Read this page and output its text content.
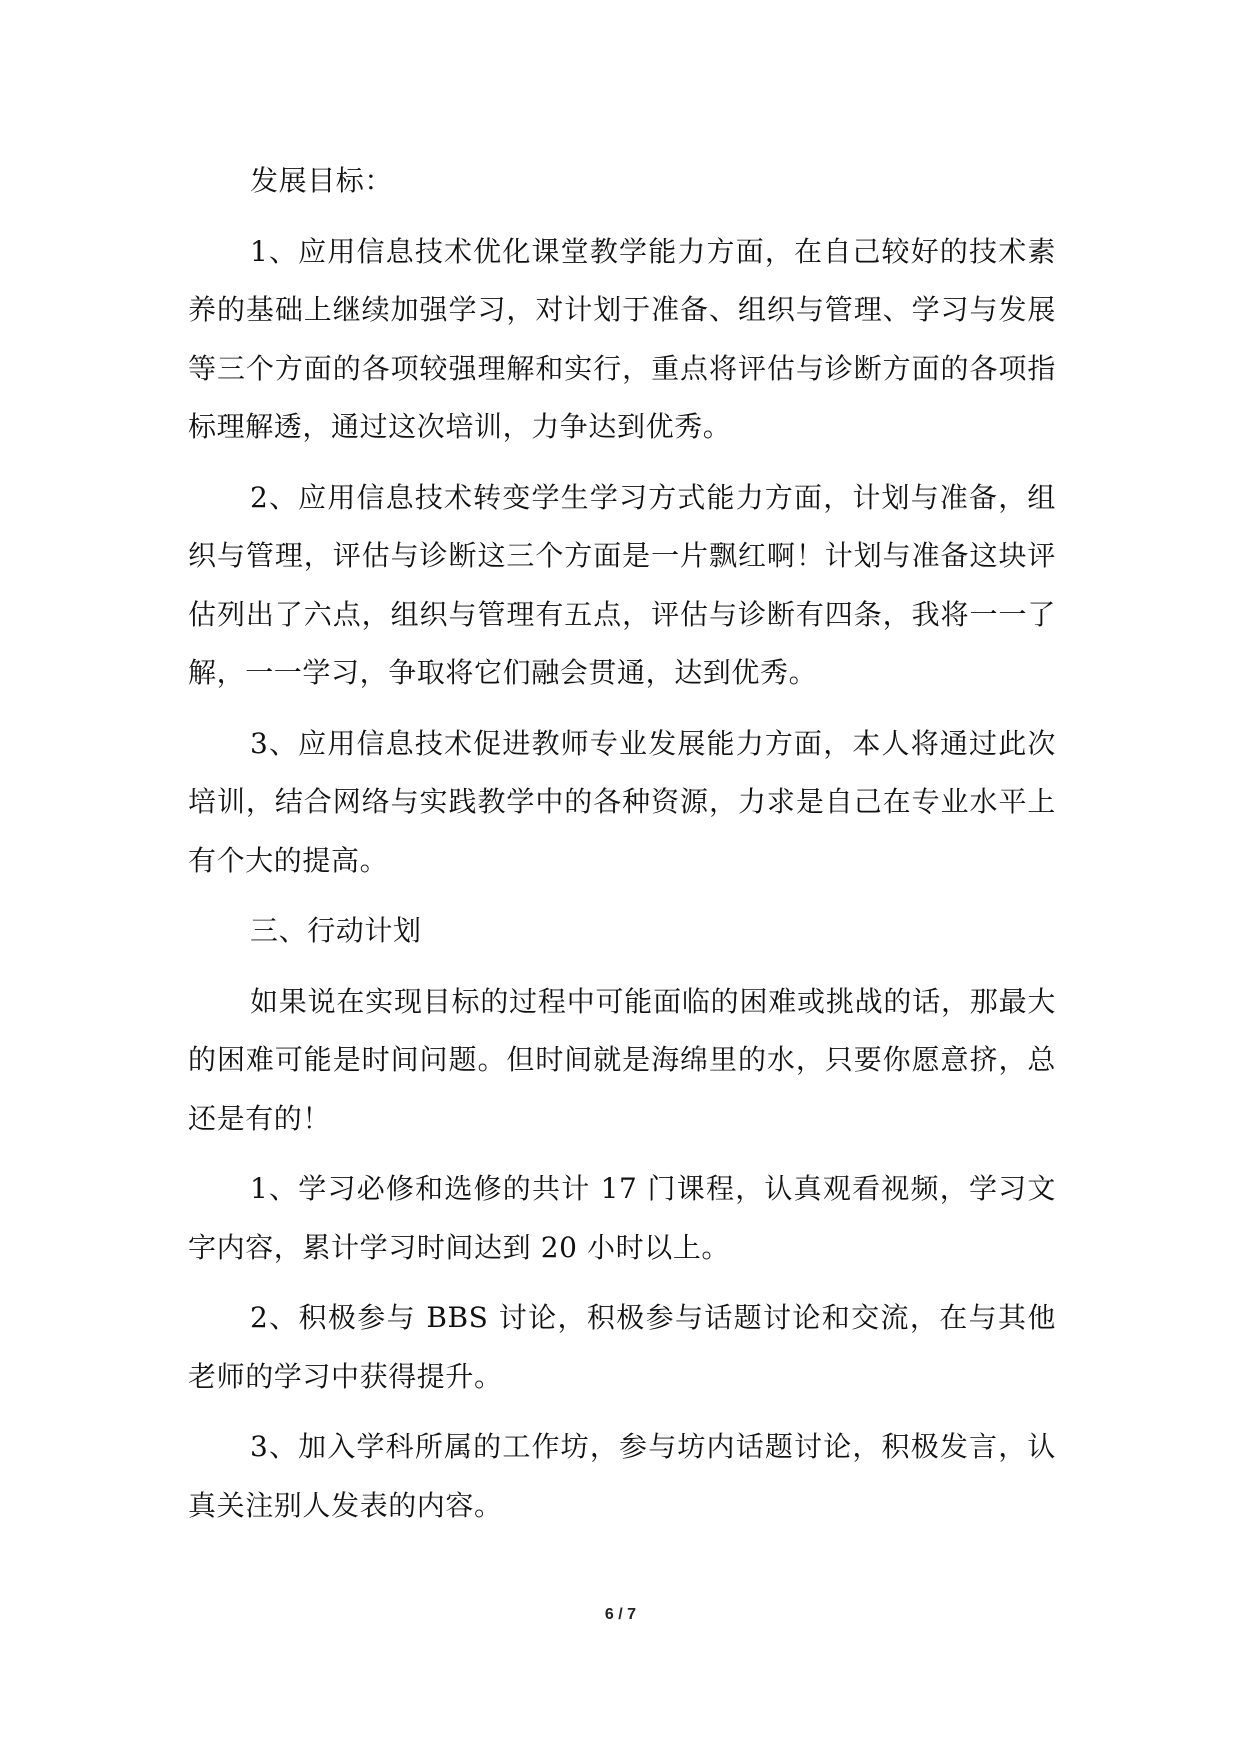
发展目标：

1、应用信息技术优化课堂教学能力方面，在自己较好的技术素养的基础上继续加强学习，对计划于准备、组织与管理、学习与发展等三个方面的各项较强理解和实行，重点将评估与诊断方面的各项指标理解透，通过这次培训，力争达到优秀。

2、应用信息技术转变学生学习方式能力方面，计划与准备，组织与管理，评估与诊断这三个方面是一片飘红啊！计划与准备这块评估列出了六点，组织与管理有五点，评估与诊断有四条，我将一一了解，一一学习，争取将它们融会贯通，达到优秀。

3、应用信息技术促进教师专业发展能力方面，本人将通过此次培训，结合网络与实践教学中的各种资源，力求是自己在专业水平上有个大的提高。

三、行动计划

如果说在实现目标的过程中可能面临的困难或挑战的话，那最大的困难可能是时间问题。但时间就是海绵里的水，只要你愿意挤，总还是有的！

1、学习必修和选修的共计 17 门课程，认真观看视频，学习文字内容，累计学习时间达到 20 小时以上。

2、积极参与 BBS 讨论，积极参与话题讨论和交流，在与其他老师的学习中获得提升。

3、加入学科所属的工作坊，参与坊内话题讨论，积极发言，认真关注别人发表的内容。

6 / 7
